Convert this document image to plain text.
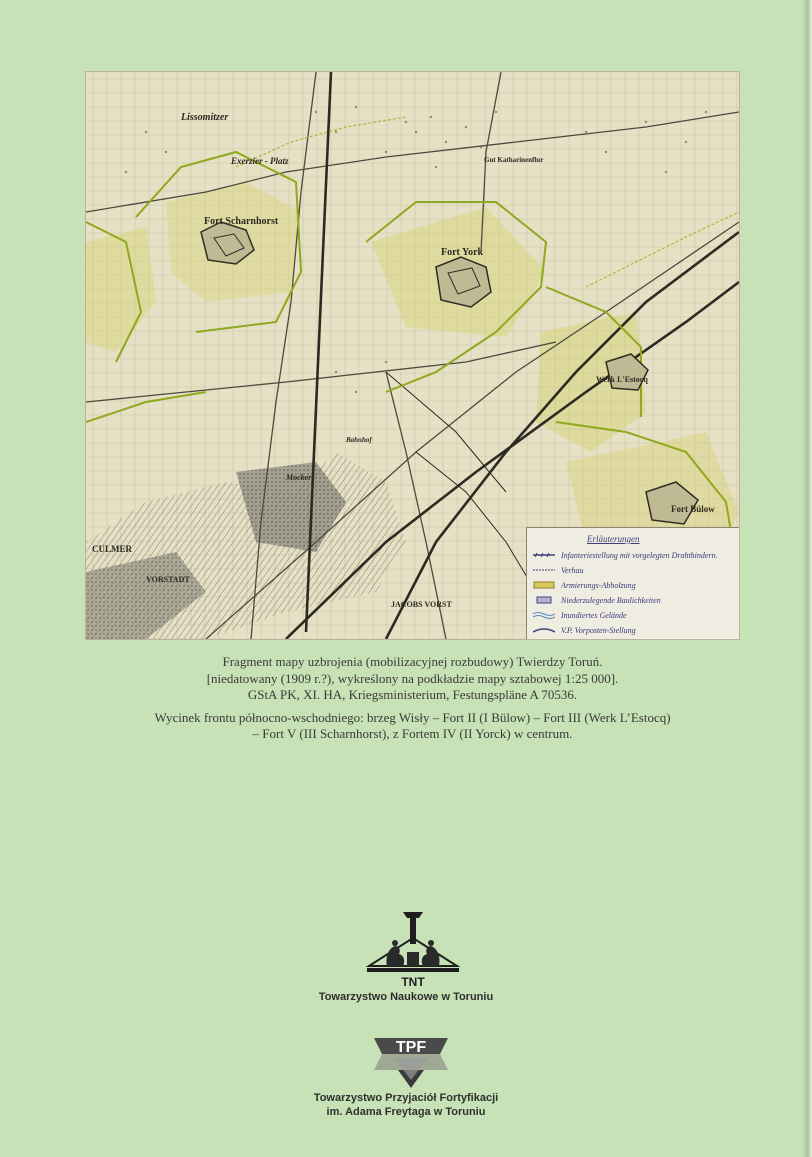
Lissomitzer
Exerzier - Platz
Fort Scharnhorst
Fort York
Gut Katharinenflur
Werk L'Estocq
Fort Bülow
CULMER
VORSTADT
JACOBS VORST
Mocker
Bahnhof
Erläuterungen
Infanteriestellung mit vorgelegten Drahthindern.
Verhau
Armierungs-Abholzung
Niederzulegende Baulichkeiten
Inundiertes Gelände
V.P. Vorposten-Stellung

Fragment mapy uzbrojenia (mobilizacyjnej rozbudowy) Twierdzy Toruń.

[niedatowany (1909 r.?), wykreślony na podkładzie mapy sztabowej 1:25 000].

GStA PK, XI. HA, Kriegsministerium, Festungspläne A 70536.

Wycinek frontu północno-wschodniego: brzeg Wisły – Fort II (I Bülow) – Fort III (Werk L’Estocq)

– Fort V (III Scharnhorst), z Fortem IV (II Yorck) w centrum.

TNT
Towarzystwo Naukowe w Toruniu
TPF
Towarzystwo Przyjaciół Fortyfikacji
im. Adama Freytaga w Toruniu
